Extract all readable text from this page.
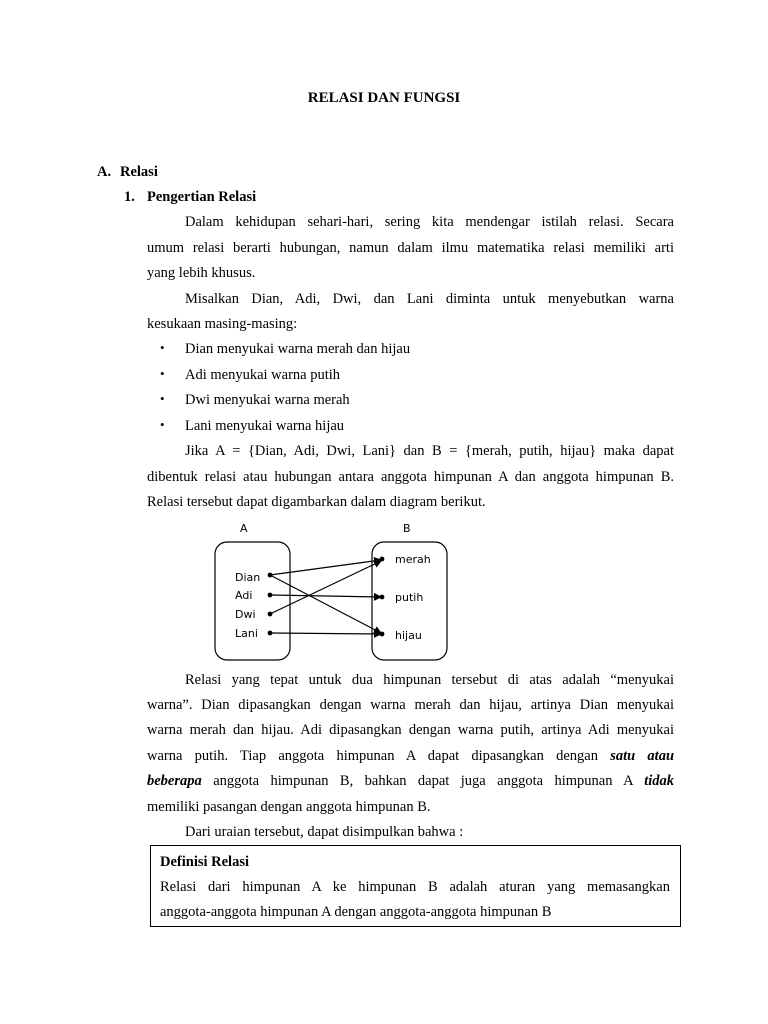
RELASI DAN FUNGSI
A. Relasi
1. Pengertian Relasi
Dalam kehidupan sehari-hari, sering kita mendengar istilah relasi. Secara
umum relasi berarti hubungan, namun dalam ilmu matematika relasi memiliki arti
yang lebih khusus.
Misalkan Dian, Adi, Dwi, dan Lani diminta untuk menyebutkan warna
kesukaan masing-masing:
• Dian menyukai warna merah dan hijau
• Adi menyukai warna putih
• Dwi menyukai warna merah
• Lani menyukai warna hijau
Jika A = {Dian, Adi, Dwi, Lani} dan B = {merah, putih, hijau} maka dapat
dibentuk relasi atau hubungan antara anggota himpunan A dan anggota himpunan B.
Relasi tersebut dapat digambarkan dalam diagram berikut.
A	B
Dian
Adi
Dwi
Lani
merah
putih
hijau
Relasi yang tepat untuk dua himpunan tersebut di atas adalah “menyukai
warna”. Dian dipasangkan dengan warna merah dan hijau, artinya Dian menyukai
warna merah dan hijau. Adi dipasangkan dengan warna putih, artinya Adi menyukai
warna putih. Tiap anggota himpunan A dapat dipasangkan dengan satu atau
beberapa anggota himpunan B, bahkan dapat juga anggota himpunan A tidak
memiliki pasangan dengan anggota himpunan B.
Dari uraian tersebut, dapat disimpulkan bahwa :
Definisi Relasi
Relasi dari himpunan A ke himpunan B adalah aturan yang memasangkan
anggota-anggota himpunan A dengan anggota-anggota himpunan B
